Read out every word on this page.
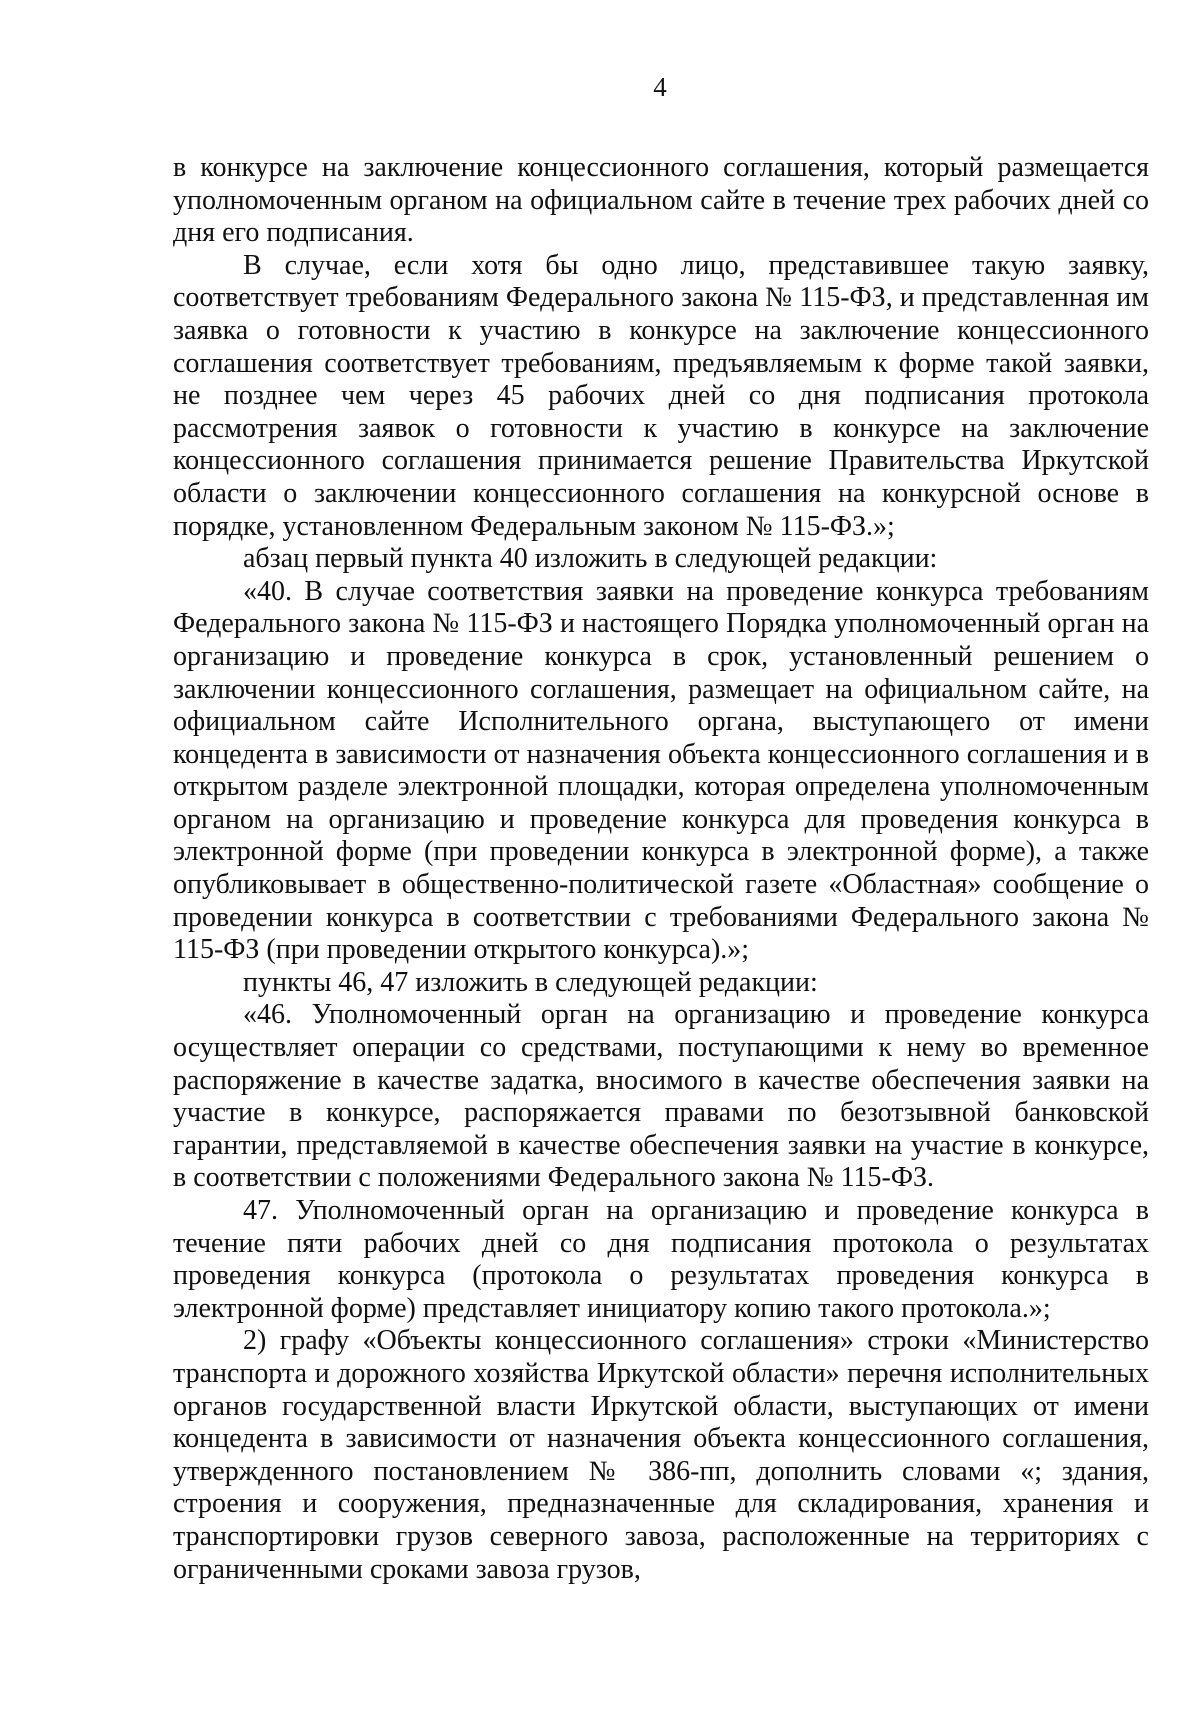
4

в конкурсе на заключение концессионного соглашения, который размещается уполномоченным органом на официальном сайте в течение трех рабочих дней со дня его подписания.

В случае, если хотя бы одно лицо, представившее такую заявку, соответствует требованиям Федерального закона № 115-ФЗ, и представленная им заявка о готовности к участию в конкурсе на заключение концессионного соглашения соответствует требованиям, предъявляемым к форме такой заявки, не позднее чем через 45 рабочих дней со дня подписания протокола рассмотрения заявок о готовности к участию в конкурсе на заключение концессионного соглашения принимается решение Правительства Иркутской области о заключении концессионного соглашения на конкурсной основе в порядке, установленном Федеральным законом № 115-ФЗ.»;

абзац первый пункта 40 изложить в следующей редакции:

«40. В случае соответствия заявки на проведение конкурса требованиям Федерального закона № 115-ФЗ и настоящего Порядка уполномоченный орган на организацию и проведение конкурса в срок, установленный решением о заключении концессионного соглашения, размещает на официальном сайте, на официальном сайте Исполнительного органа, выступающего от имени концедента в зависимости от назначения объекта концессионного соглашения и в открытом разделе электронной площадки, которая определена уполномоченным органом на организацию и проведение конкурса для проведения конкурса в электронной форме (при проведении конкурса в электронной форме), а также опубликовывает в общественно-политической газете «Областная» сообщение о проведении конкурса в соответствии с требованиями Федерального закона № 115-ФЗ (при проведении открытого конкурса).»;

пункты 46, 47 изложить в следующей редакции:

«46. Уполномоченный орган на организацию и проведение конкурса осуществляет операции со средствами, поступающими к нему во временное распоряжение в качестве задатка, вносимого в качестве обеспечения заявки на участие в конкурсе, распоряжается правами по безотзывной банковской гарантии, представляемой в качестве обеспечения заявки на участие в конкурсе, в соответствии с положениями Федерального закона № 115-ФЗ.

47. Уполномоченный орган на организацию и проведение конкурса в течение пяти рабочих дней со дня подписания протокола о результатах проведения конкурса (протокола о результатах проведения конкурса в электронной форме) представляет инициатору копию такого протокола.»;

2) графу «Объекты концессионного соглашения» строки «Министерство транспорта и дорожного хозяйства Иркутской области» перечня исполнительных органов государственной власти Иркутской области, выступающих от имени концедента в зависимости от назначения объекта концессионного соглашения, утвержденного постановлением № 386-пп, дополнить словами «; здания, строения и сооружения, предназначенные для складирования, хранения и транспортировки грузов северного завоза, расположенные на территориях с ограниченными сроками завоза грузов,
